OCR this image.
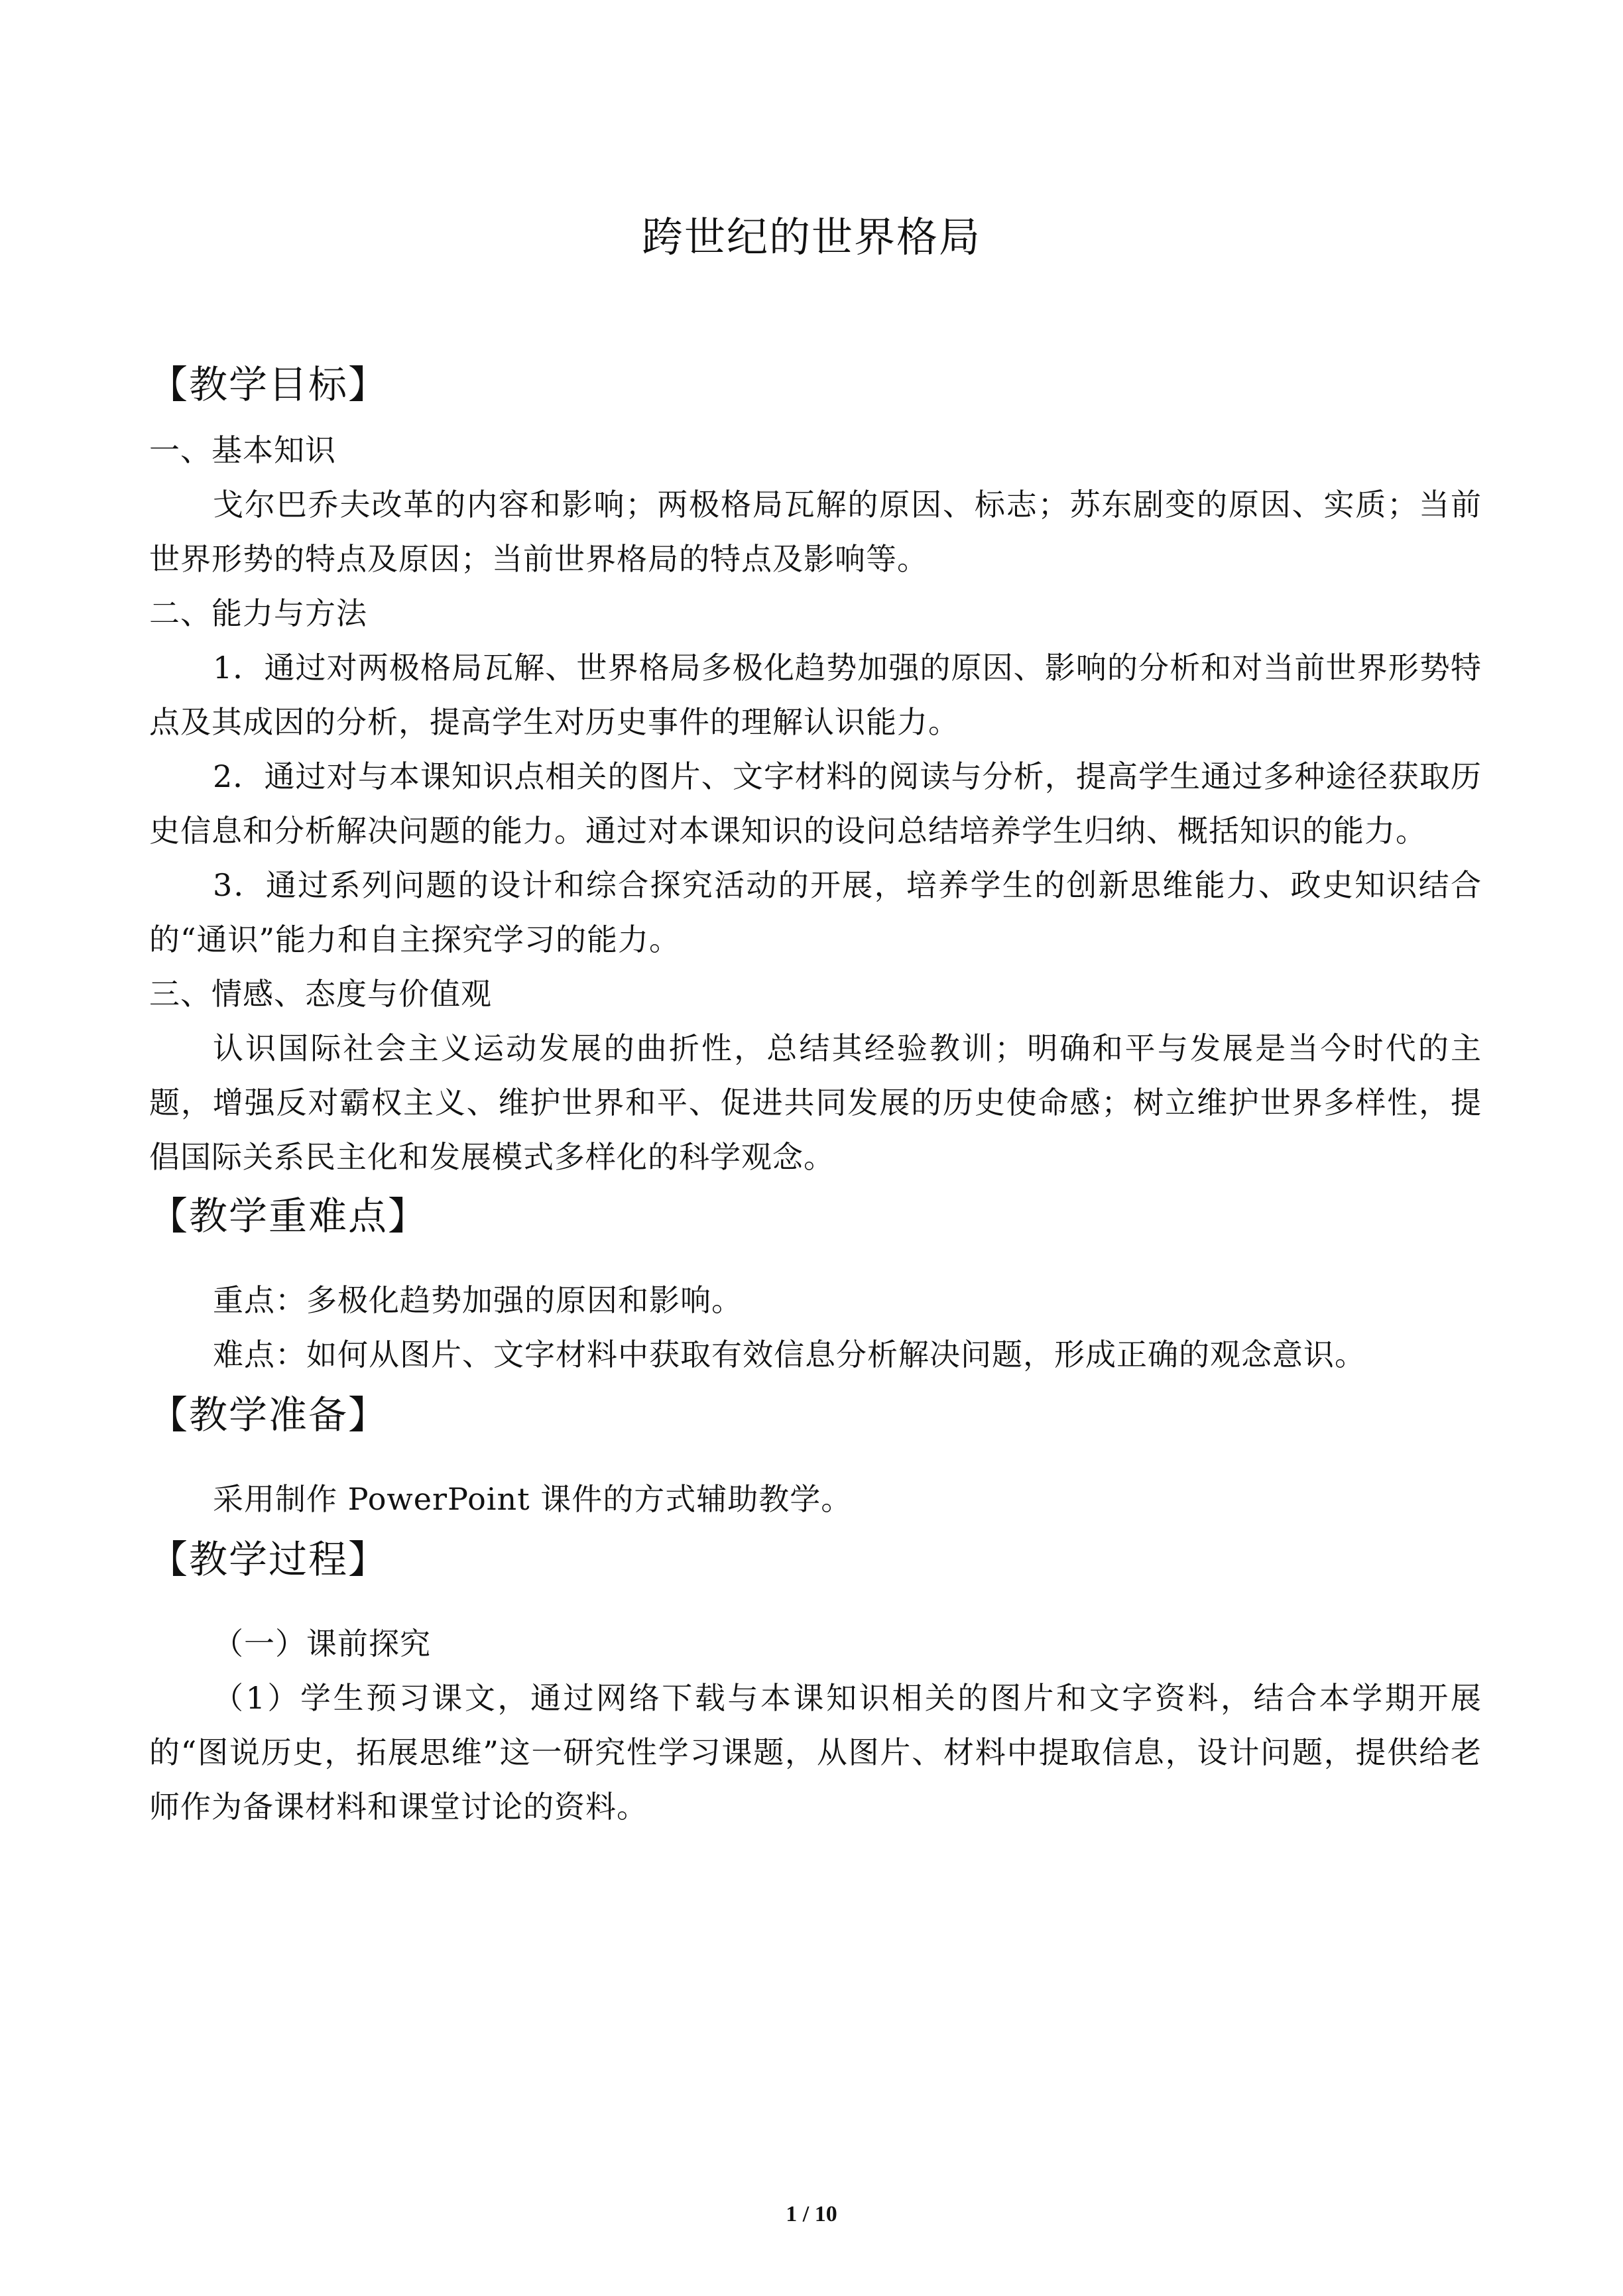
跨世纪的世界格局
【教学目标】
一、基本知识

戈尔巴乔夫改革的内容和影响；两极格局瓦解的原因、标志；苏东剧变的原因、实质；当前世界形势的特点及原因；当前世界格局的特点及影响等。

二、能力与方法

1．通过对两极格局瓦解、世界格局多极化趋势加强的原因、影响的分析和对当前世界形势特点及其成因的分析，提高学生对历史事件的理解认识能力。

2．通过对与本课知识点相关的图片、文字材料的阅读与分析，提高学生通过多种途径获取历史信息和分析解决问题的能力。通过对本课知识的设问总结培养学生归纳、概括知识的能力。

3．通过系列问题的设计和综合探究活动的开展，培养学生的创新思维能力、政史知识结合的“通识”能力和自主探究学习的能力。

三、情感、态度与价值观

认识国际社会主义运动发展的曲折性，总结其经验教训；明确和平与发展是当今时代的主题，增强反对霸权主义、维护世界和平、促进共同发展的历史使命感；树立维护世界多样性，提倡国际关系民主化和发展模式多样化的科学观念。

【教学重难点】
重点：多极化趋势加强的原因和影响。
难点：如何从图片、文字材料中获取有效信息分析解决问题，形成正确的观念意识。
【教学准备】
采用制作 PowerPoint 课件的方式辅助教学。
【教学过程】
（一）课前探究

（1）学生预习课文，通过网络下载与本课知识相关的图片和文字资料，结合本学期开展的“图说历史，拓展思维”这一研究性学习课题，从图片、材料中提取信息，设计问题，提供给老师作为备课材料和课堂讨论的资料。

1 / 10
